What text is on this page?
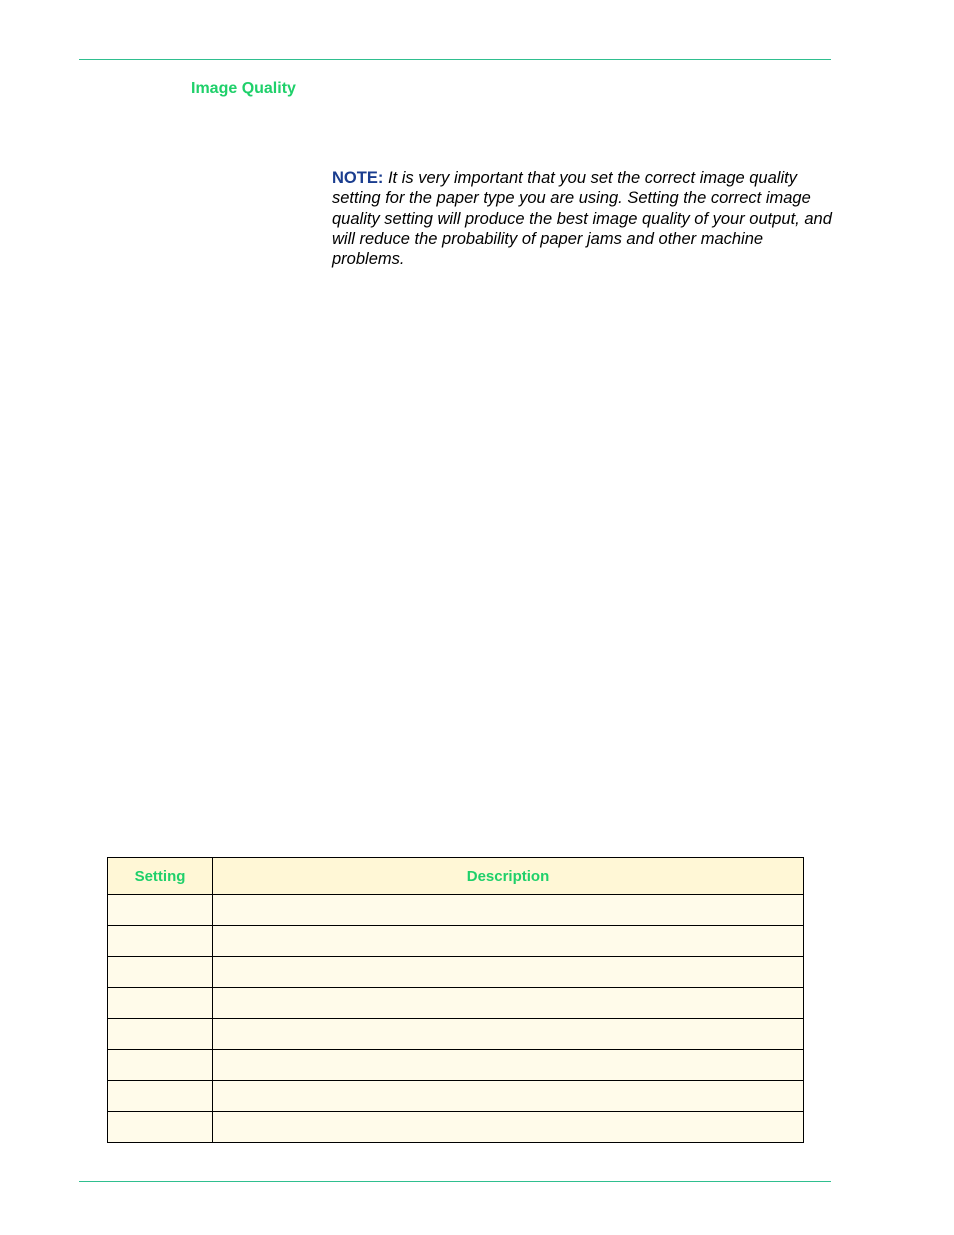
Image Quality

NOTE: It is very important that you set the correct image quality setting for the paper type you are using. Setting the correct image quality setting will produce the best image quality of your output, and will reduce the probability of paper jams and other machine problems.

Setting	Description
